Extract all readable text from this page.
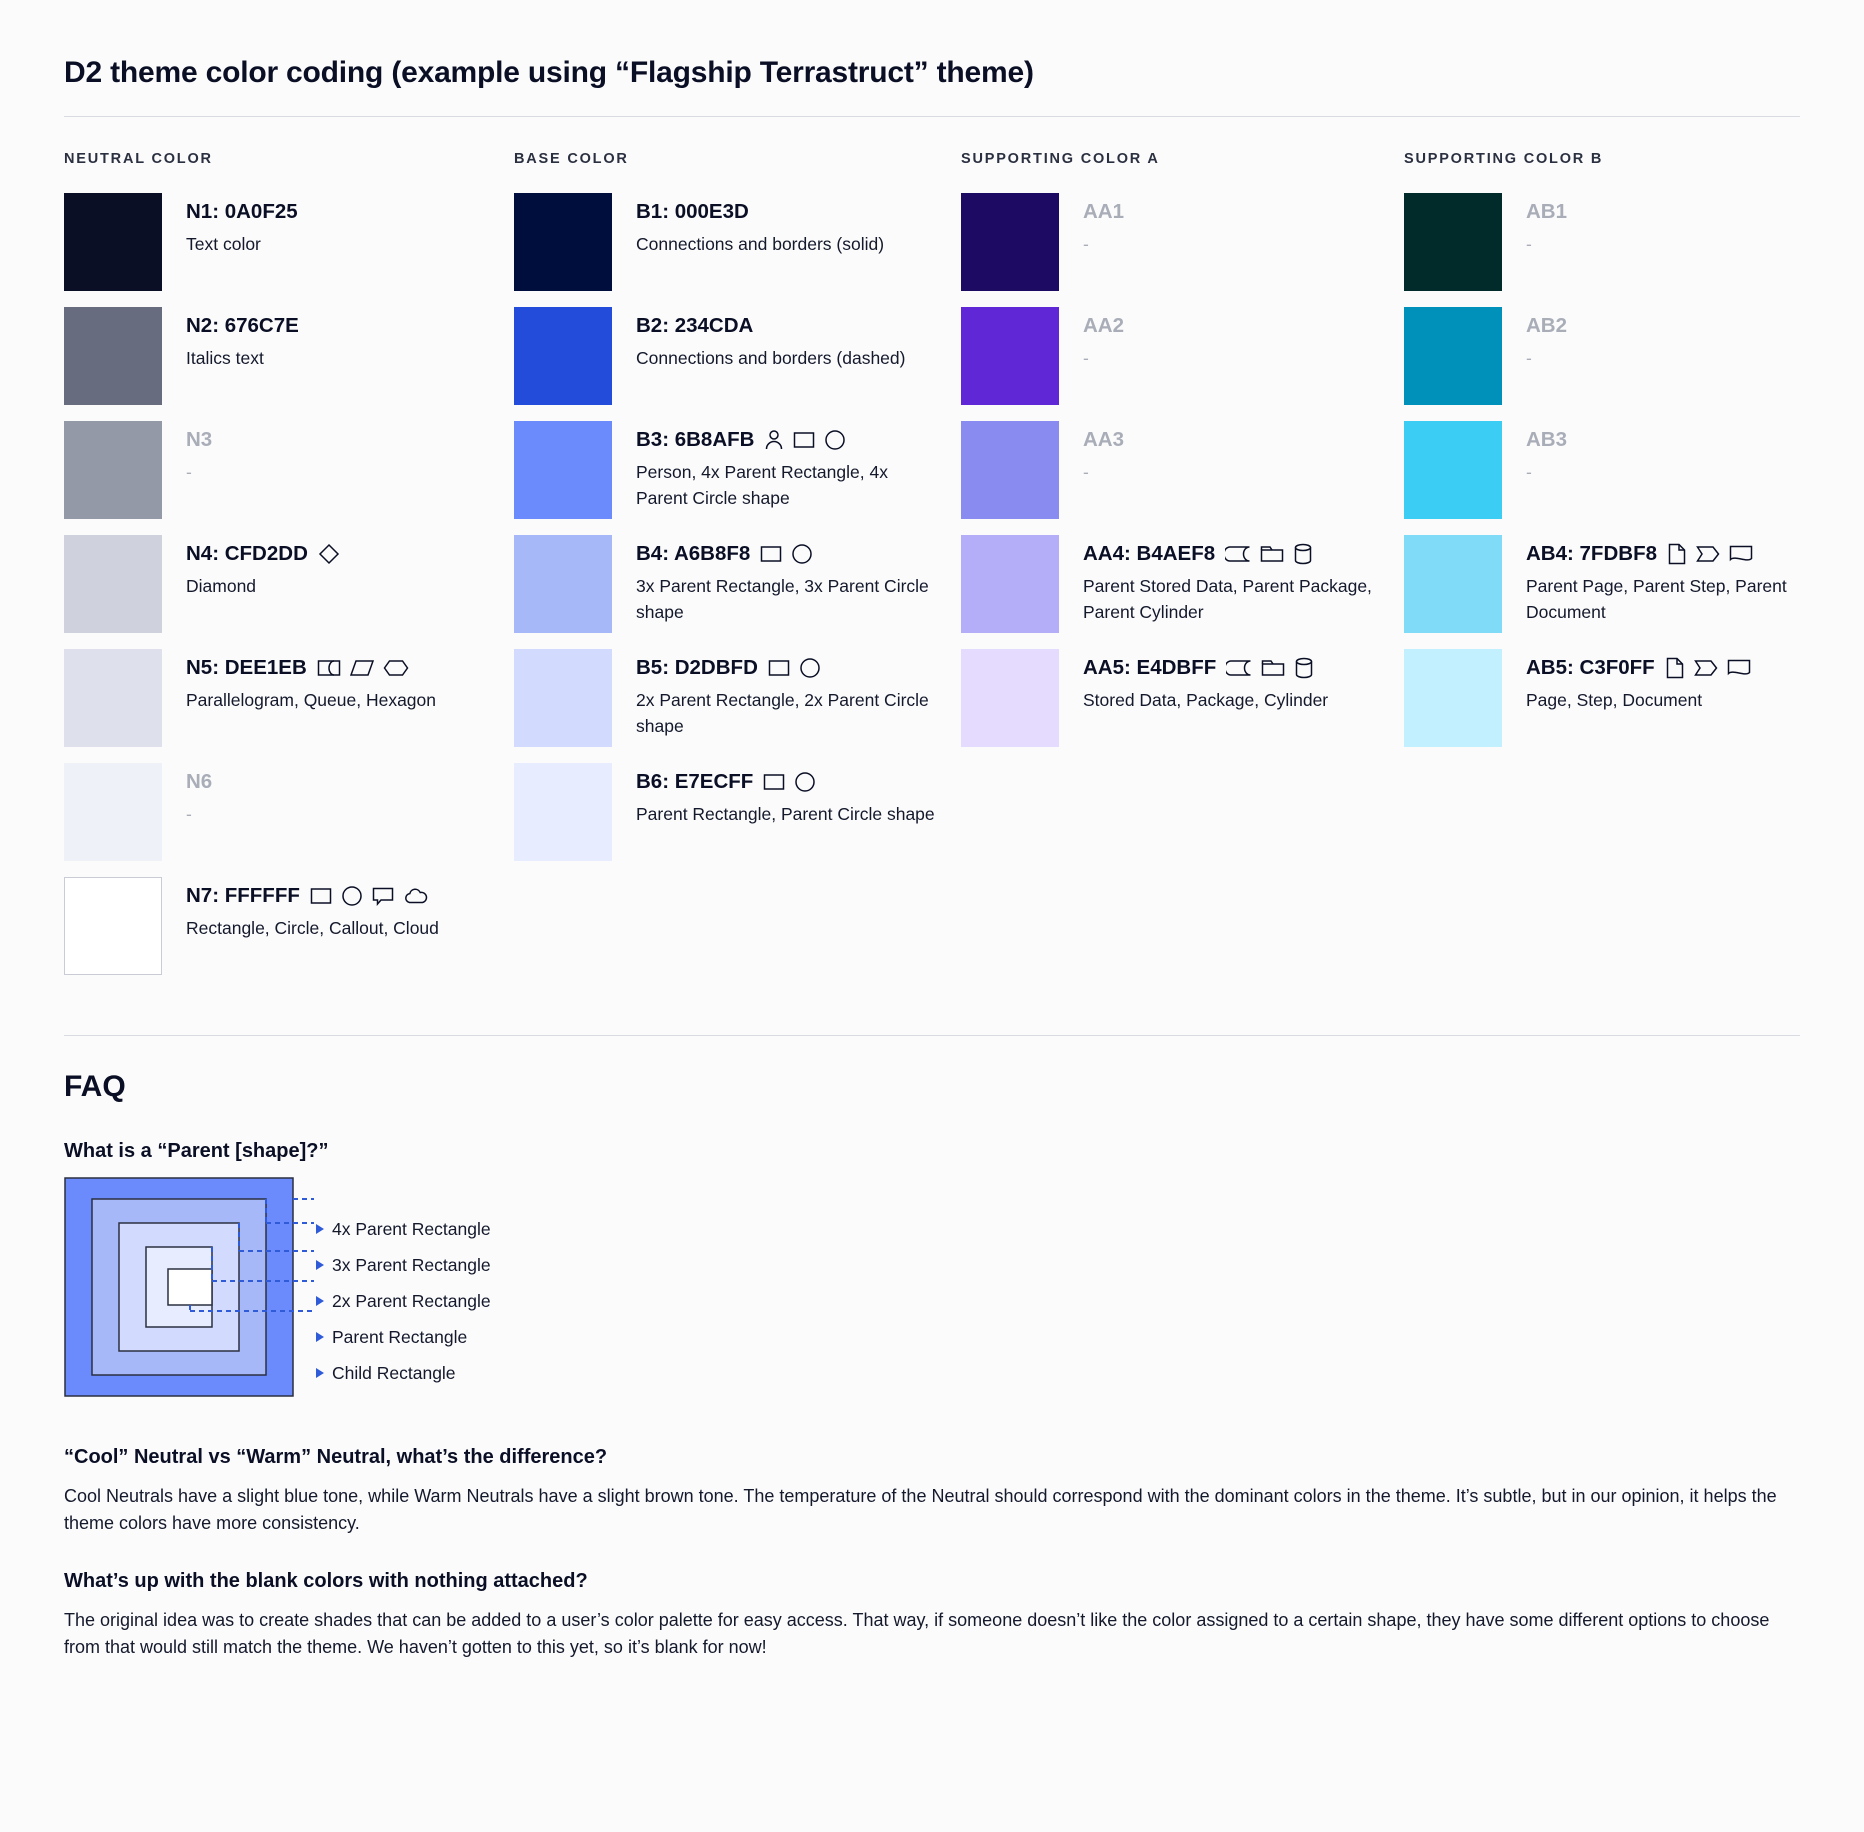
D2 theme color coding (example using “Flagship Terrastruct” theme)
NEUTRAL COLOR
N1: 0A0F25
Text color
N2: 676C7E
Italics text
N3
-
N4: CFD2DD
Diamond
N5: DEE1EB
Parallelogram, Queue, Hexagon
N6
-
N7: FFFFFF
Rectangle, Circle, Callout, Cloud
BASE COLOR
B1: 000E3D
Connections and borders (solid)
B2: 234CDA
Connections and borders (dashed)
B3: 6B8AFB
Person, 4x Parent Rectangle, 4x Parent Circle shape
B4: A6B8F8
3x Parent Rectangle, 3x Parent Circle shape
B5: D2DBFD
2x Parent Rectangle, 2x Parent Circle shape
B6: E7ECFF
Parent Rectangle, Parent Circle shape
SUPPORTING COLOR A
AA1
-
AA2
-
AA3
-
AA4: B4AEF8
Parent Stored Data, Parent Package, Parent Cylinder
AA5: E4DBFF
Stored Data, Package, Cylinder
SUPPORTING COLOR B
AB1
-
AB2
-
AB3
-
AB4: 7FDBF8
Parent Page, Parent Step, Parent Document
AB5: C3F0FF
Page, Step, Document
FAQ
What is a “Parent [shape]?”
4x Parent Rectangle
3x Parent Rectangle
2x Parent Rectangle
Parent Rectangle
Child Rectangle
“Cool” Neutral vs “Warm” Neutral, what’s the difference?

Cool Neutrals have a slight blue tone, while Warm Neutrals have a slight brown tone. The temperature of the Neutral should correspond with the dominant colors in the theme. It’s subtle, but in our opinion, it helps the theme colors have more consistency.

What’s up with the blank colors with nothing attached?

The original idea was to create shades that can be added to a user’s color palette for easy access. That way, if someone doesn’t like the color assigned to a certain shape, they have some different options to choose from that would still match the theme. We haven’t gotten to this yet, so it’s blank for now!
